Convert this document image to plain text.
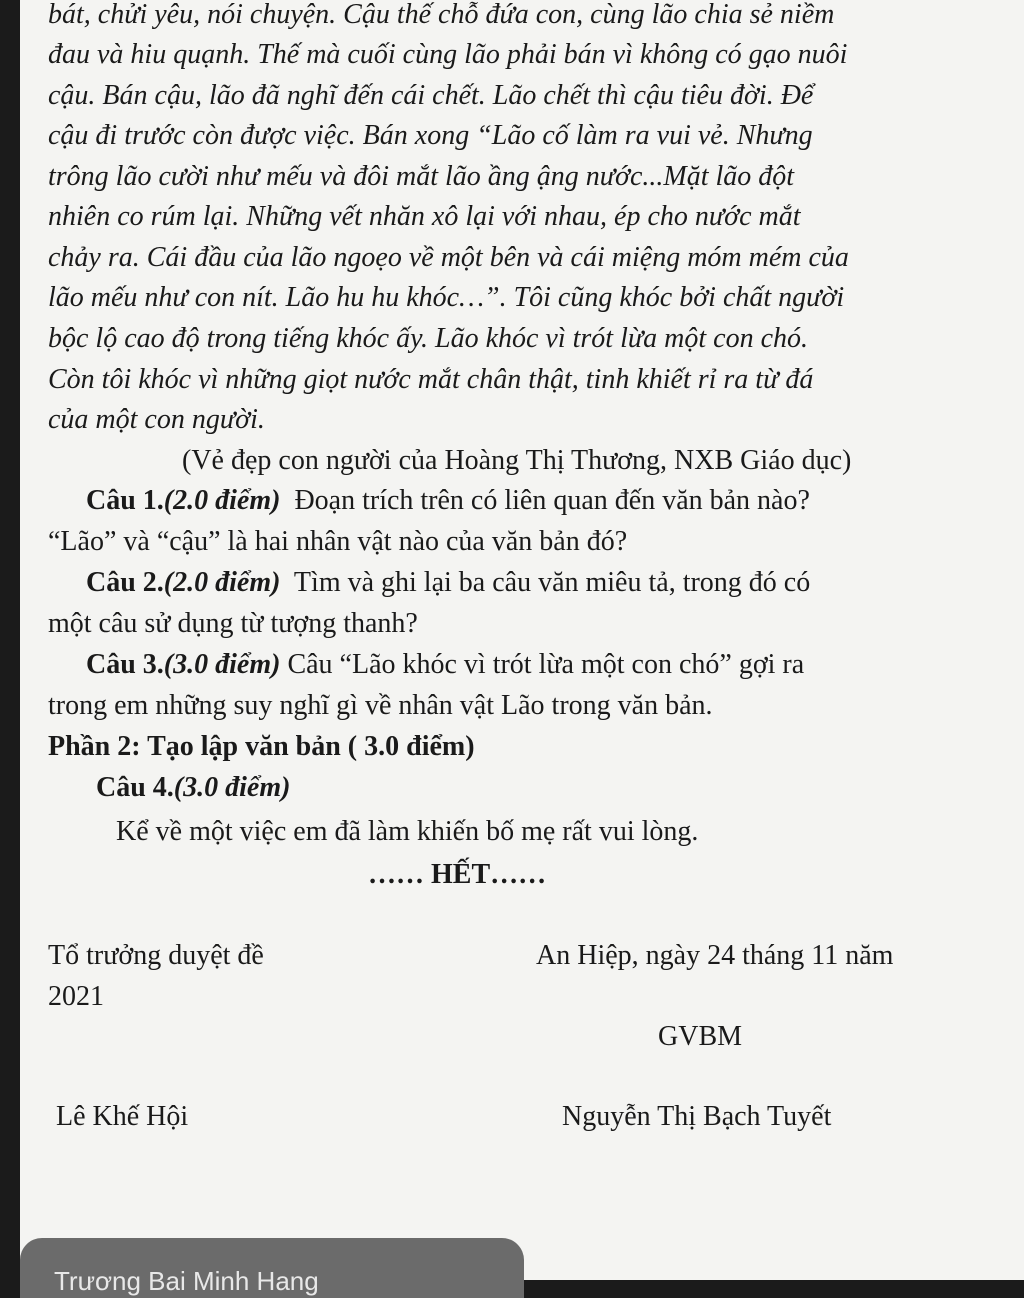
bát, chửi yêu, nói chuyện. Cậu thế chỗ đứa con, cùng lão chia sẻ niềm
đau và hiu quạnh. Thế mà cuối cùng lão phải bán vì không có gạo nuôi
cậu. Bán cậu, lão đã nghĩ đến cái chết. Lão chết thì cậu tiêu đời. Để
cậu đi trước còn được việc. Bán xong “Lão cố làm ra vui vẻ. Nhưng
trông lão cười như mếu và đôi mắt lão ầng ậng nước...Mặt lão đột
nhiên co rúm lại. Những vết nhăn xô lại với nhau, ép cho nước mắt
chảy ra. Cái đầu của lão ngoẹo về một bên và cái miệng móm mém của
lão mếu như con nít. Lão hu hu khóc…”. Tôi cũng khóc bởi chất người
bộc lộ cao độ trong tiếng khóc ấy. Lão khóc vì trót lừa một con chó.
Còn tôi khóc vì những giọt nước mắt chân thật, tinh khiết rỉ ra từ đá
của một con người.
(Vẻ đẹp con người của Hoàng Thị Thương, NXB Giáo dục)
Câu 1.(2.0 điểm)  Đoạn trích trên có liên quan đến văn bản nào?
“Lão” và “cậu” là hai nhân vật nào của văn bản đó?
Câu 2.(2.0 điểm)  Tìm và ghi lại ba câu văn miêu tả, trong đó có
một câu sử dụng từ tượng thanh?
Câu 3.(3.0 điểm) Câu “Lão khóc vì trót lừa một con chó” gợi ra
trong em những suy nghĩ gì về nhân vật Lão trong văn bản.
Phần 2: Tạo lập văn bản ( 3.0 điểm)
Câu 4.(3.0 điểm)
Kể về một việc em đã làm khiến bố mẹ rất vui lòng.
…… HẾT……
Tổ trưởng duyệt đề	An Hiệp, ngày 24 tháng 11 năm
2021
GVBM
Lê Khế Hội	Nguyễn Thị Bạch Tuyết
Trương Bai Minh Hang
